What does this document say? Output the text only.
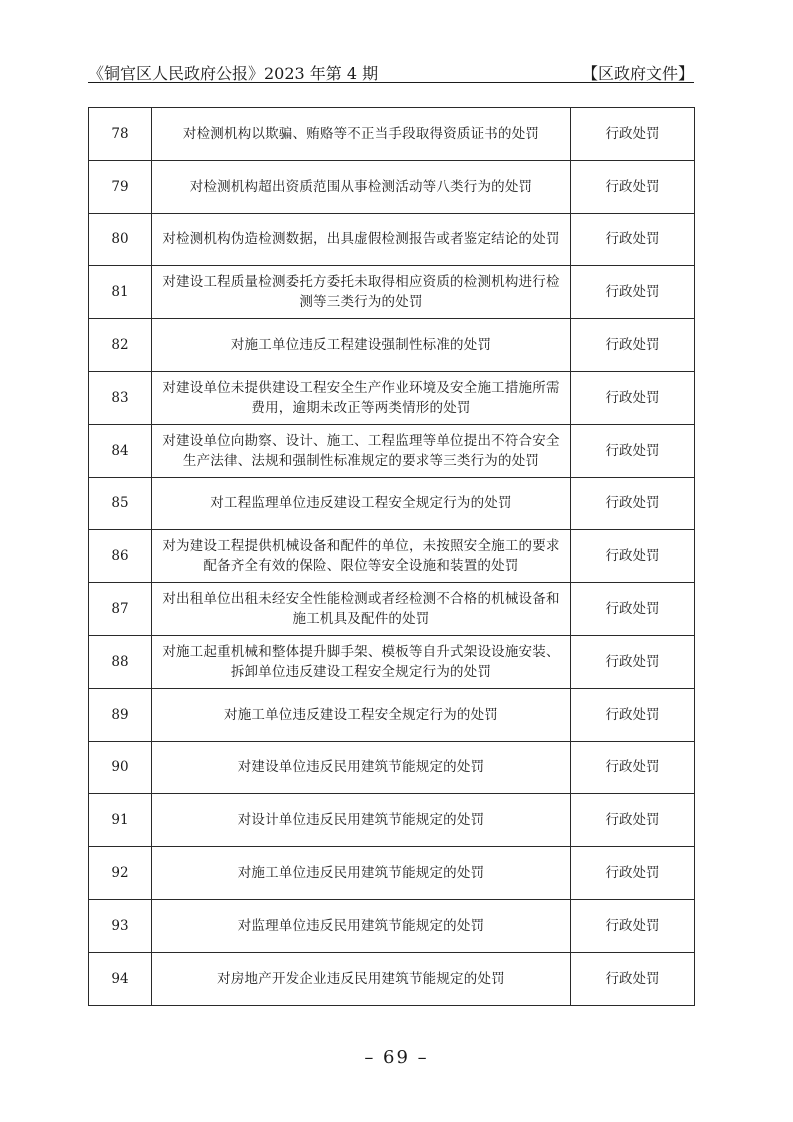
《铜官区人民政府公报》2023 年第 4 期	【区政府文件】
78	对检测机构以欺骗、贿赂等不正当手段取得资质证书的处罚	行政处罚
79	对检测机构超出资质范围从事检测活动等八类行为的处罚	行政处罚
80	对检测机构伪造检测数据，出具虚假检测报告或者鉴定结论的处罚	行政处罚
81	对建设工程质量检测委托方委托未取得相应资质的检测机构进行检测等三类行为的处罚	行政处罚
82	对施工单位违反工程建设强制性标准的处罚	行政处罚
83	对建设单位未提供建设工程安全生产作业环境及安全施工措施所需费用，逾期未改正等两类情形的处罚	行政处罚
84	对建设单位向勘察、设计、施工、工程监理等单位提出不符合安全生产法律、法规和强制性标准规定的要求等三类行为的处罚	行政处罚
85	对工程监理单位违反建设工程安全规定行为的处罚	行政处罚
86	对为建设工程提供机械设备和配件的单位，未按照安全施工的要求配备齐全有效的保险、限位等安全设施和装置的处罚	行政处罚
87	对出租单位出租未经安全性能检测或者经检测不合格的机械设备和施工机具及配件的处罚	行政处罚
88	对施工起重机械和整体提升脚手架、模板等自升式架设设施安装、拆卸单位违反建设工程安全规定行为的处罚	行政处罚
89	对施工单位违反建设工程安全规定行为的处罚	行政处罚
90	对建设单位违反民用建筑节能规定的处罚	行政处罚
91	对设计单位违反民用建筑节能规定的处罚	行政处罚
92	对施工单位违反民用建筑节能规定的处罚	行政处罚
93	对监理单位违反民用建筑节能规定的处罚	行政处罚
94	对房地产开发企业违反民用建筑节能规定的处罚	行政处罚
– 69 –
